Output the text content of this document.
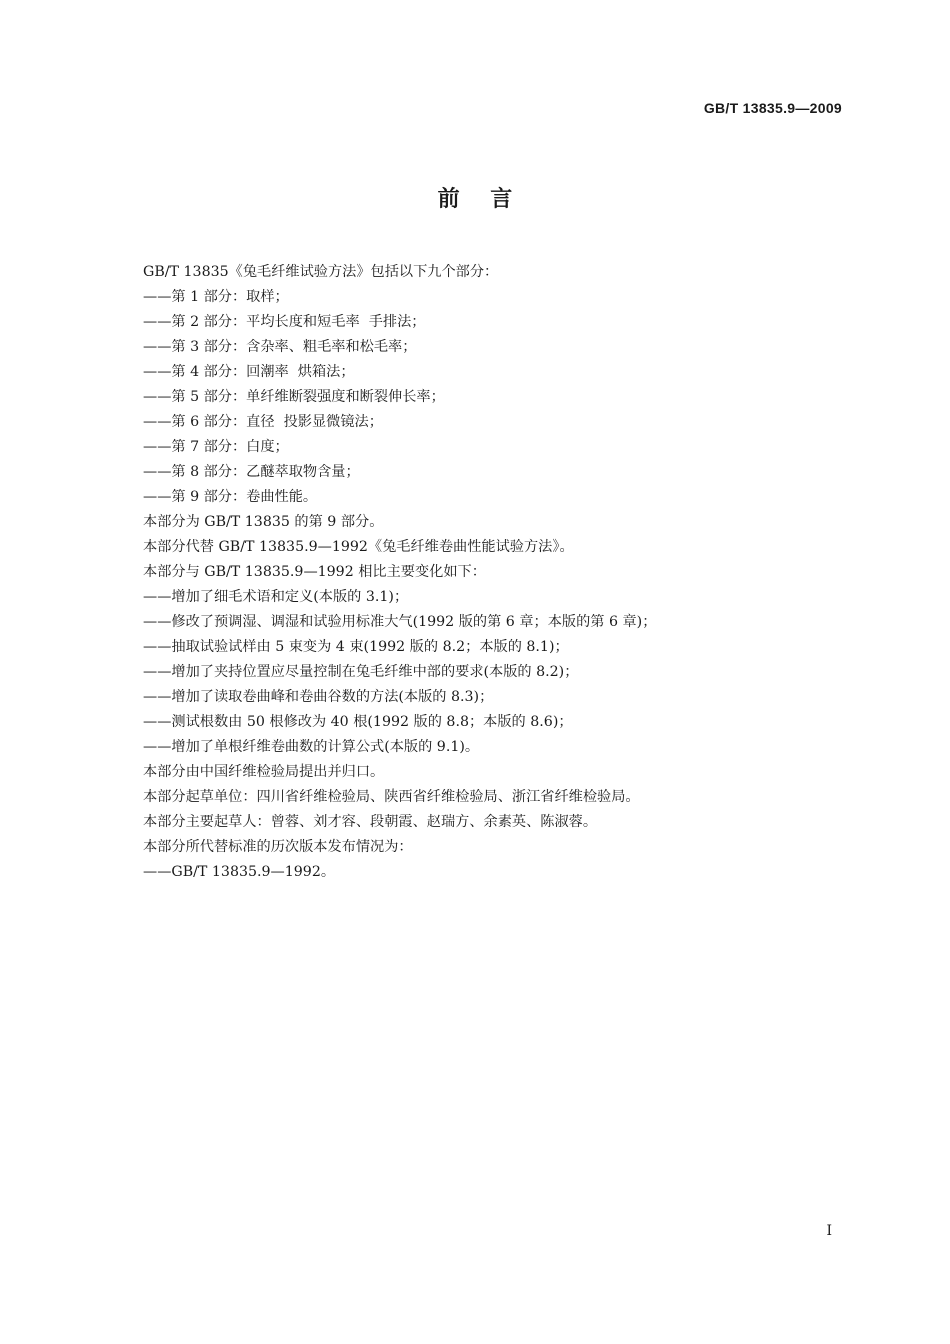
GB/T 13835.9—2009
前    言
GB/T 13835《兔毛纤维试验方法》包括以下九个部分：
——第 1 部分：取样；
——第 2 部分：平均长度和短毛率  手排法；
——第 3 部分：含杂率、粗毛率和松毛率；
——第 4 部分：回潮率  烘箱法；
——第 5 部分：单纤维断裂强度和断裂伸长率；
——第 6 部分：直径  投影显微镜法；
——第 7 部分：白度；
——第 8 部分：乙醚萃取物含量；
——第 9 部分：卷曲性能。
本部分为 GB/T 13835 的第 9 部分。
本部分代替 GB/T 13835.9—1992《兔毛纤维卷曲性能试验方法》。
本部分与 GB/T 13835.9—1992 相比主要变化如下：
——增加了细毛术语和定义(本版的 3.1)；
——修改了预调湿、调湿和试验用标准大气(1992 版的第 6 章；本版的第 6 章)；
——抽取试验试样由 5 束变为 4 束(1992 版的 8.2；本版的 8.1)；
——增加了夹持位置应尽量控制在兔毛纤维中部的要求(本版的 8.2)；
——增加了读取卷曲峰和卷曲谷数的方法(本版的 8.3)；
——测试根数由 50 根修改为 40 根(1992 版的 8.8；本版的 8.6)；
——增加了单根纤维卷曲数的计算公式(本版的 9.1)。
本部分由中国纤维检验局提出并归口。
本部分起草单位：四川省纤维检验局、陕西省纤维检验局、浙江省纤维检验局。
本部分主要起草人：曾蓉、刘才容、段朝霞、赵瑞方、余素英、陈淑蓉。
本部分所代替标准的历次版本发布情况为：
——GB/T 13835.9—1992。
I
